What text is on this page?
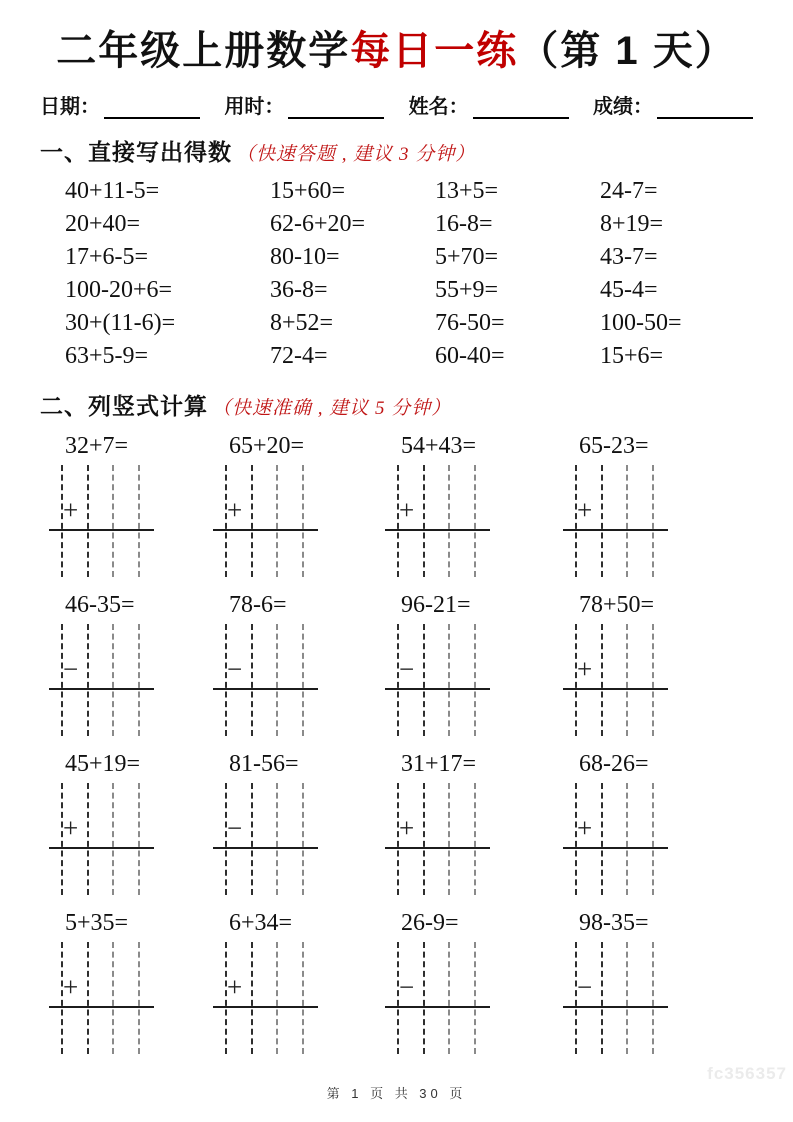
二年级上册数学每日一练（第 1 天）
日期：	用时：	姓名：	成绩：
一、直接写出得数 （快速答题 , 建议 3 分钟）
40+11-5=	15+60=	13+5=	24-7=
20+40=	62-6+20=	16-8=	8+19=
17+6-5=	80-10=	5+70=	43-7=
100-20+6=	36-8=	55+9=	45-4=
30+(11-6)=	8+52=	76-50=	100-50=
63+5-9=	72-4=	60-40=	15+6=
二、列竖式计算 （快速准确 , 建议 5 分钟）
32+7=
+
65+20=
+
54+43=
+
65-23=
+
46-35=
−
78-6=
−
96-21=
−
78+50=
+
45+19=
+
81-56=
−
31+17=
+
68-26=
+
5+35=
+
6+34=
+
26-9=
−
98-35=
−
第 1 页 共 30 页
fc356357
